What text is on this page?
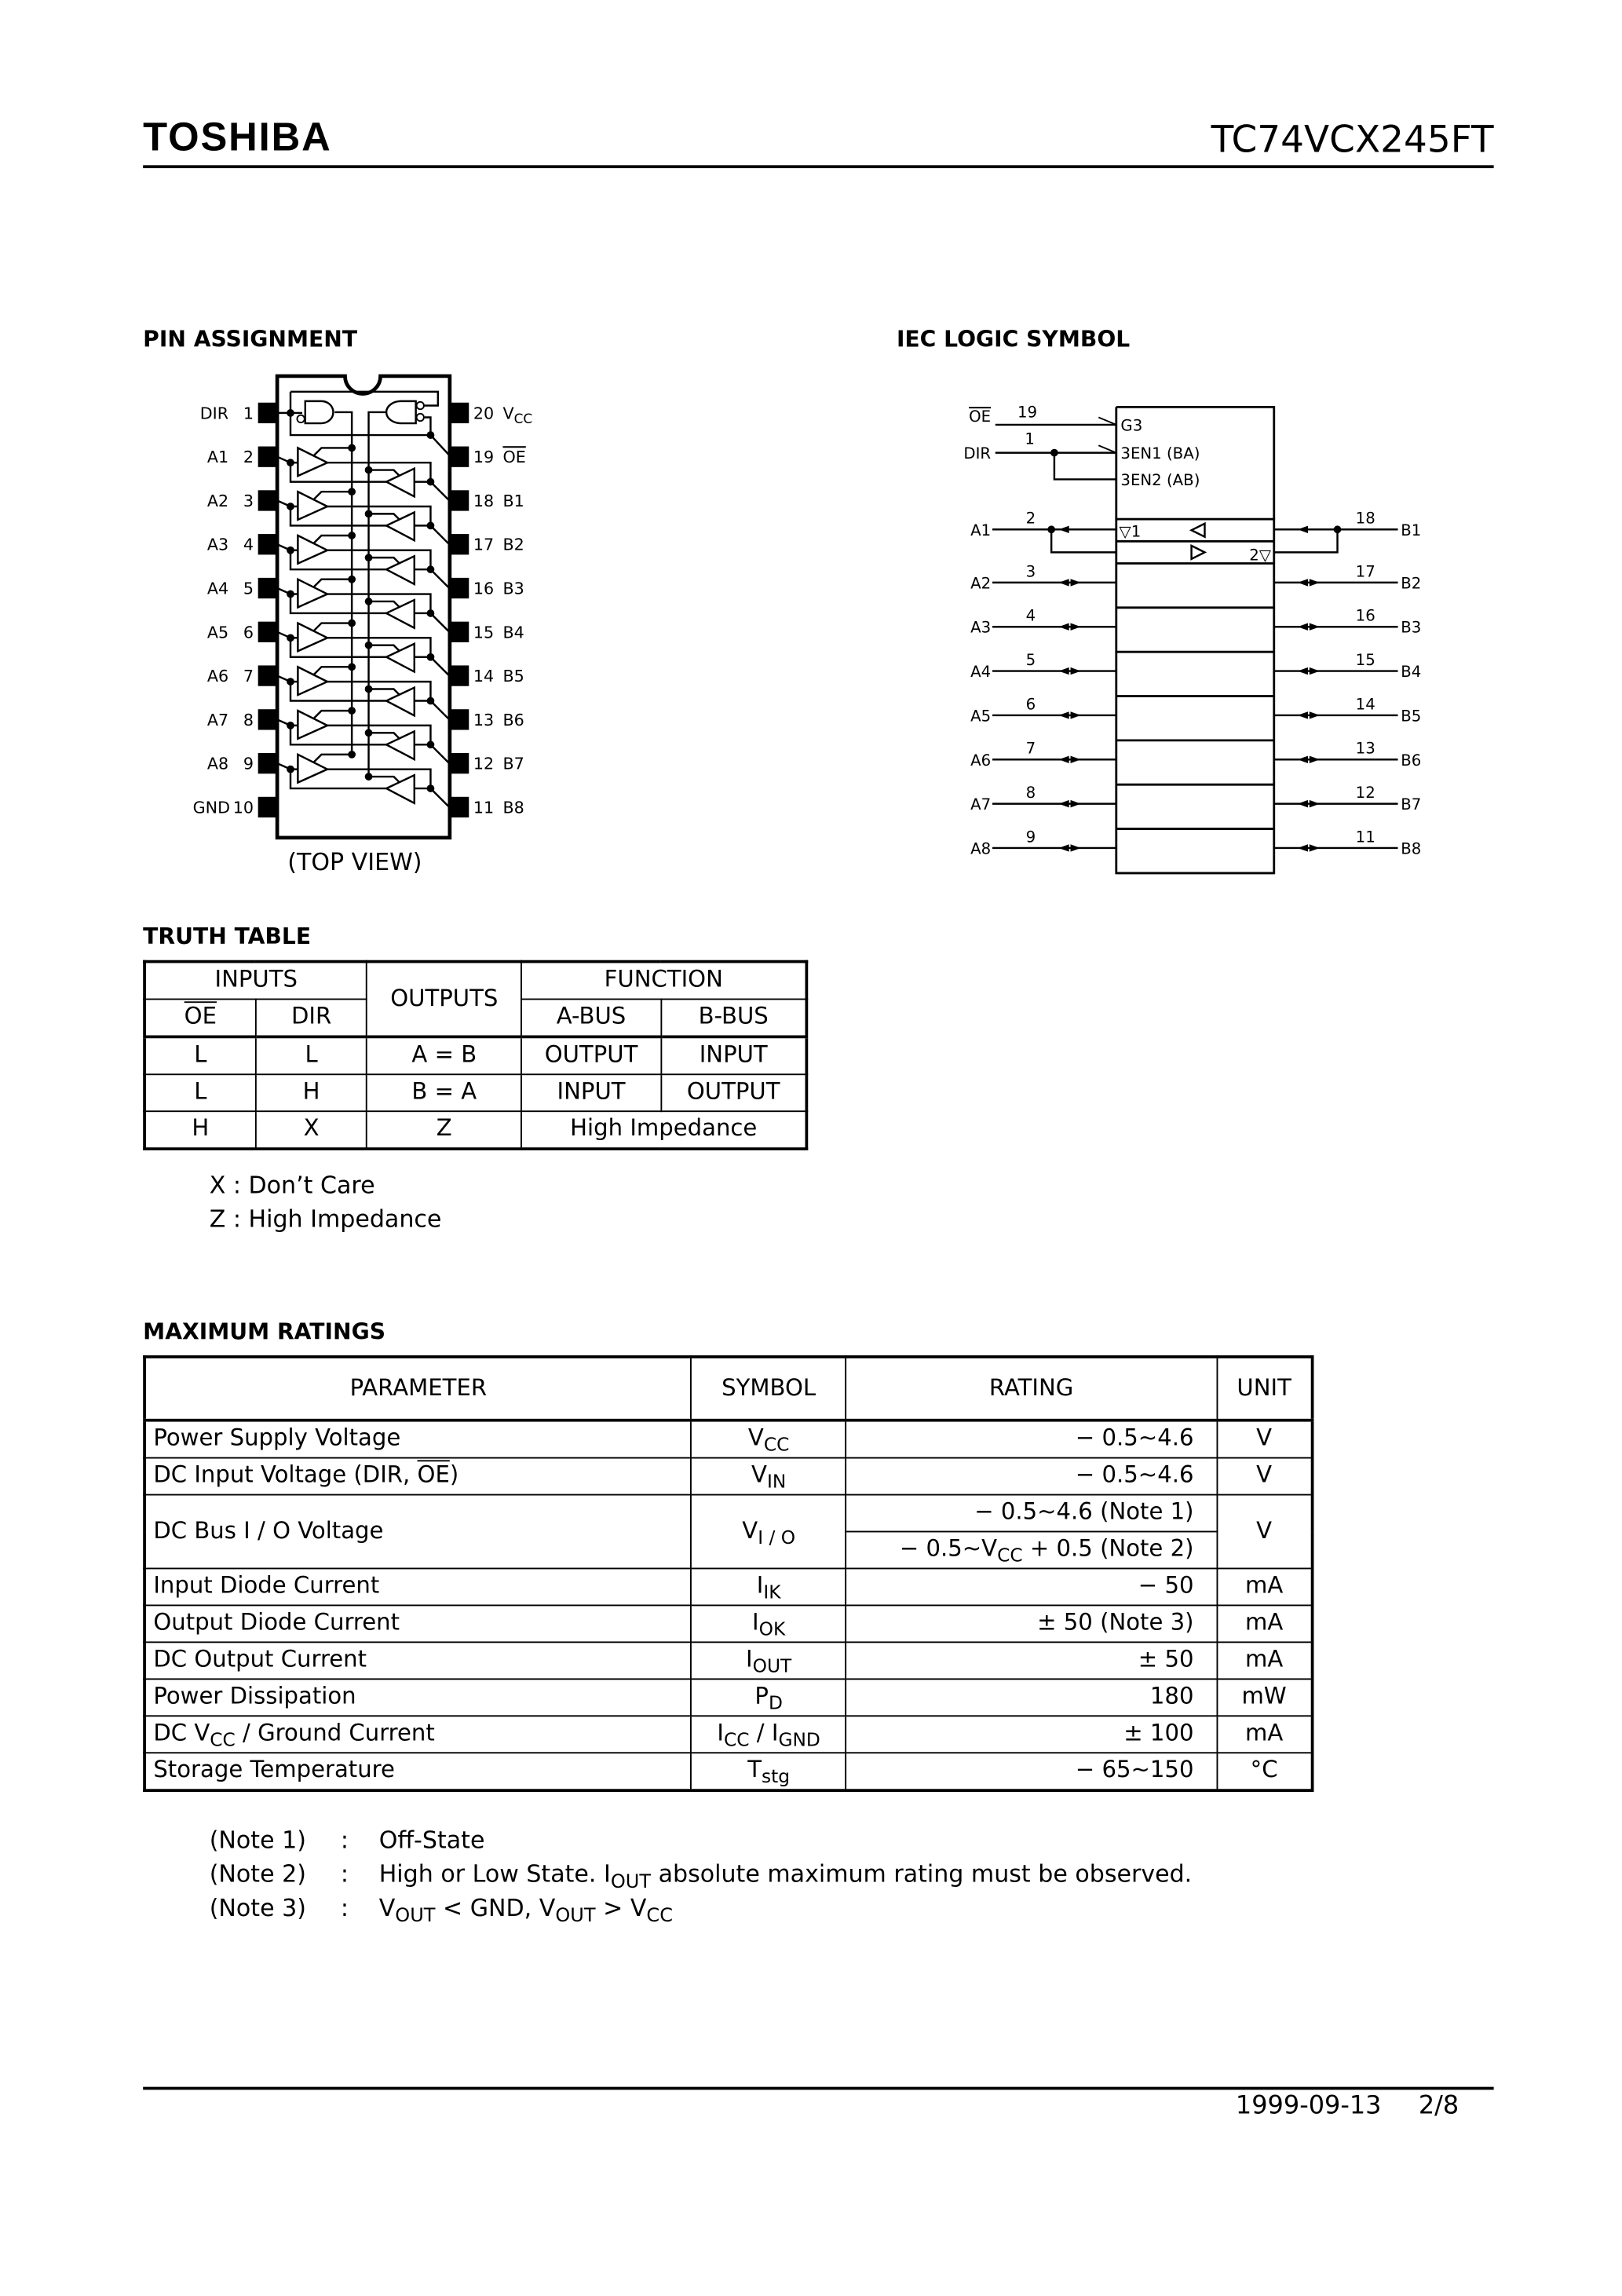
TOSHIBA	TC74VCX245FT
PIN ASSIGNMENT	IEC LOGIC SYMBOL
1
DIR
2
A1
3
A2
4
A3
5
A4
6
A5
7
A6
8
A7
9
A8
10
GND
20 $V_{CC}$
19 OE
18 B1
17 B2
16 B3
15 B4
14 B5
13 B6
12 B7
11 B8
OE	19
DIR
1
G3
3EN1 (BA)
3EN2 (AB)
▽1
2▽
A1
2
A2
3
A3
4
A4
5
A5
6
A6
7
A7
8
A8
9
B1
18
B2
17
B3
16
B4
15
B5
14
B6
13
B7
12
B8
11
(TOP VIEW)
TRUTH TABLE
INPUTS		OUTPUTS	FUNCTION	
$\overline{OE}$	DIR		A-BUS	B-BUS
L	L	A = B	OUTPUT	INPUT
L	H	B = A	INPUT	OUTPUT
H	X	Z	High Impedance	
X : Don’t Care
Z : High Impedance
MAXIMUM RATINGS
PARAMETER	SYMBOL	RATING	UNIT
Power Supply Voltage	$V_{CC}$	− 0.5~4.6	V
DC Input Voltage (DIR, $\overline{OE}$)	$V_{IN}$	− 0.5~4.6	V
DC Bus I / O Voltage	$V_{I / O}$	− 0.5~4.6 (Note 1)	V
		− $0.5\sim V_{CC} + 0.5$ (Note 2)	
Input Diode Current	$I_{IK}$	− 50	mA
Output Diode Current	$I_{OK}$	± 50 (Note 3)	mA
DC Output Current	$I_{OUT}$	± 50	mA
Power Dissipation	$P_D$	180	mW
DC $V_{CC}$ / Ground Current	$I_{CC} / I_{GND}$	± 100	mA
Storage Temperature	$T_{stg}$	− 65~150	°C
(Note 1)	: Off-State
(Note 2)	: High or Low State. $I_{OUT}$ absolute maximum rating must be observed.
(Note 3)	: $V_{OUT}$ < GND, $V_{OUT} > V_{CC}$
1999-09-13	2/8
